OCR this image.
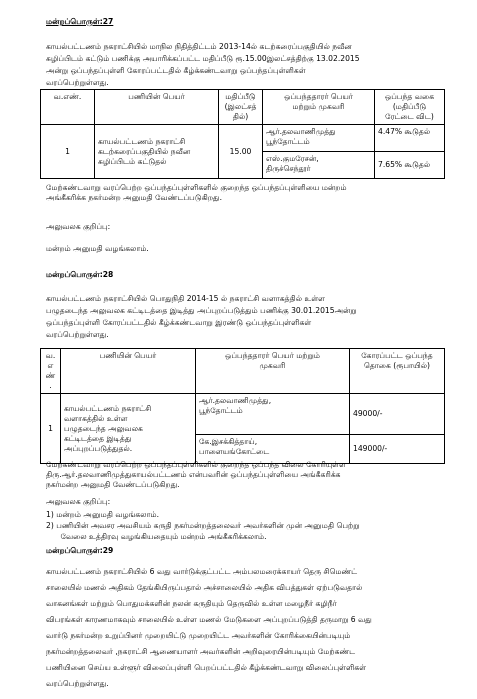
மன்றப்பொருள்:27
காயல்பட்டணம் நகராட்சியில் மாநில நிதித்திட்டம் 2013-14ல் கடற்கரைப்பகுதியில் நவீன
சுழிப்பிடம் கட்டும் பணிக்கு அயாரிக்கப்பட்ட மதிப்பீடு ரூ.15.00இலட்சத்திற்கு 13.02.2015
அன்று ஒப்பந்தப்புள்ளி கோரப்பட்டதில் கீழ்க்கண்டவாறு ஒப்பந்தப்புள்ளிகள்
வரப்பெற்றுள்ளது.
வ.எண்.	பணியின் பெயர்	மதிப்பீடு
(இலட்சத்
தில்)	ஒப்பந்ததாரர் பெயர்
மற்றும் முகவரி	ஒப்பந்த வகை
(மதிப்பீடு
ரேட்டை விட)

1	காயல்பட்டணம் நகராட்சி
கடற்கரைப்பகுதியில் நவீன
சுழிப்பிடம் கட்டுதல்	15.00	ஆர்.தலவாணிமுத்து
பூந்தோட்டம்	4.47% கூடுதல்

			எஸ்.குமரேசன்,
திருச்செந்தூர்	7.65% கூடுதல்
மேற்கண்டவாறு வரப்பெற்ற ஒப்பந்தப்புள்ளிகளில் குறைந்த ஒப்பந்தப்புள்ளியை மன்றம்
அங்கீகரிக்க நகர்மன்ற அனுமதி வேண்டப்படுகிறது.
அலுவலக குறிப்பு:
மன்றம் அனுமதி வழங்கலாம்.
மன்றப்பொருள்:28
காயல்பட்டணம் நகராட்சியில் பொதுநிதி 2014-15 ல் நகராட்சி வளாகத்தில் உள்ள
பழுதடைந்த அலுவலக கட்டிடத்தை இடித்து அப்புறப்படுத்தும் பணிக்கு 30.01.2015அன்று
ஒப்பந்தப்புள்ளி கோரப்பட்டதில் கீழ்க்கண்டவாறு இரண்டு ஒப்பந்தப்புள்ளிகள்
வரப்பெற்றுள்ளது.
வ.
எ
ண்
.	பணியின் பெயர்	ஒப்பந்ததாரர் பெயர் மற்றும்
முகவரி	கோரப்பட்ட ஒப்பந்த
தொகை (ரூபாயில்)

1	காயல்பட்டணம் நகராட்சி
வளாகத்தில் உள்ள
பழுதடைந்த அலுவலக
கட்டிடத்தை இடித்து
அப்புறப்படுத்துதல்.	ஆர்.தலவாணிமுத்து,
பூந்தோட்டம்	49000/-

		கே.இசக்கித்தாய்,
பாளையங்கோட்டை	149000/-
மேற்கண்டவாறு வரப்பெற்ற ஒப்பந்தப்புள்ளிகளில் குறைந்த ஒப்பந்த விலை கோரியுள்ள
திரு.ஆர்.தலவாணிமுத்துகாயல்பட்டணம் என்பவரின் ஒப்பந்தப்புள்ளியை அங்கீகரிக்க
நகர்மன்ற அனுமதி வேண்டப்படுகிறது.
அலுவலக குறிப்பு:
1) மன்றம் அனுமதி வழங்கலாம்.
2) பணியின் அவசர அவசியம் கருதி நகர்மன்றத்தலைவர் அவர்களின் முன் அனுமதி பெற்று
வேலை உத்திரவு வழங்கியதையும் மன்றம் அங்கீகரிக்கலாம்.
மன்றப்பொருள்:29
காயல்பட்டணம் நகராட்சியில் 6 வது வார்டுக்குட்பட்ட அம்பலமரைக்காயர் தெரு சிமெண்ட்
சாலையில் மணல் அதிகம் தேங்கியிருப்பதால் அச்சாலையில் அதிக விபத்துகள் ஏற்படுவதால்
வாகனங்கள் மற்றும் பொதுமக்களின் நலன் கருதியும் தெருவில் உள்ள மழைநீர் கழிநீர்
விபரங்கள் காரணமாகவும் சாலையில் உள்ள மணல் மேடுகளை அப்புறப்படுத்தி தருமாறு 6 வது
வார்டு நகர்மன்ற உறுப்பினர் முறையிட்டு முறையிட்ட அவர்களின் கோரிக்கையின்படியும்
நகர்மன்றத்தலைவர் ,நகராட்சி ஆணையாளர் அவர்களின் அறிவுரையின்படியும் மேற்கண்ட
பணியினை செய்ய உள்ளூர் விலைப்புள்ளி பெறப்பட்டதில் கீழ்க்கண்டவாறு விலைப்புள்ளிகள்
வரப்பெற்றுள்ளது.
